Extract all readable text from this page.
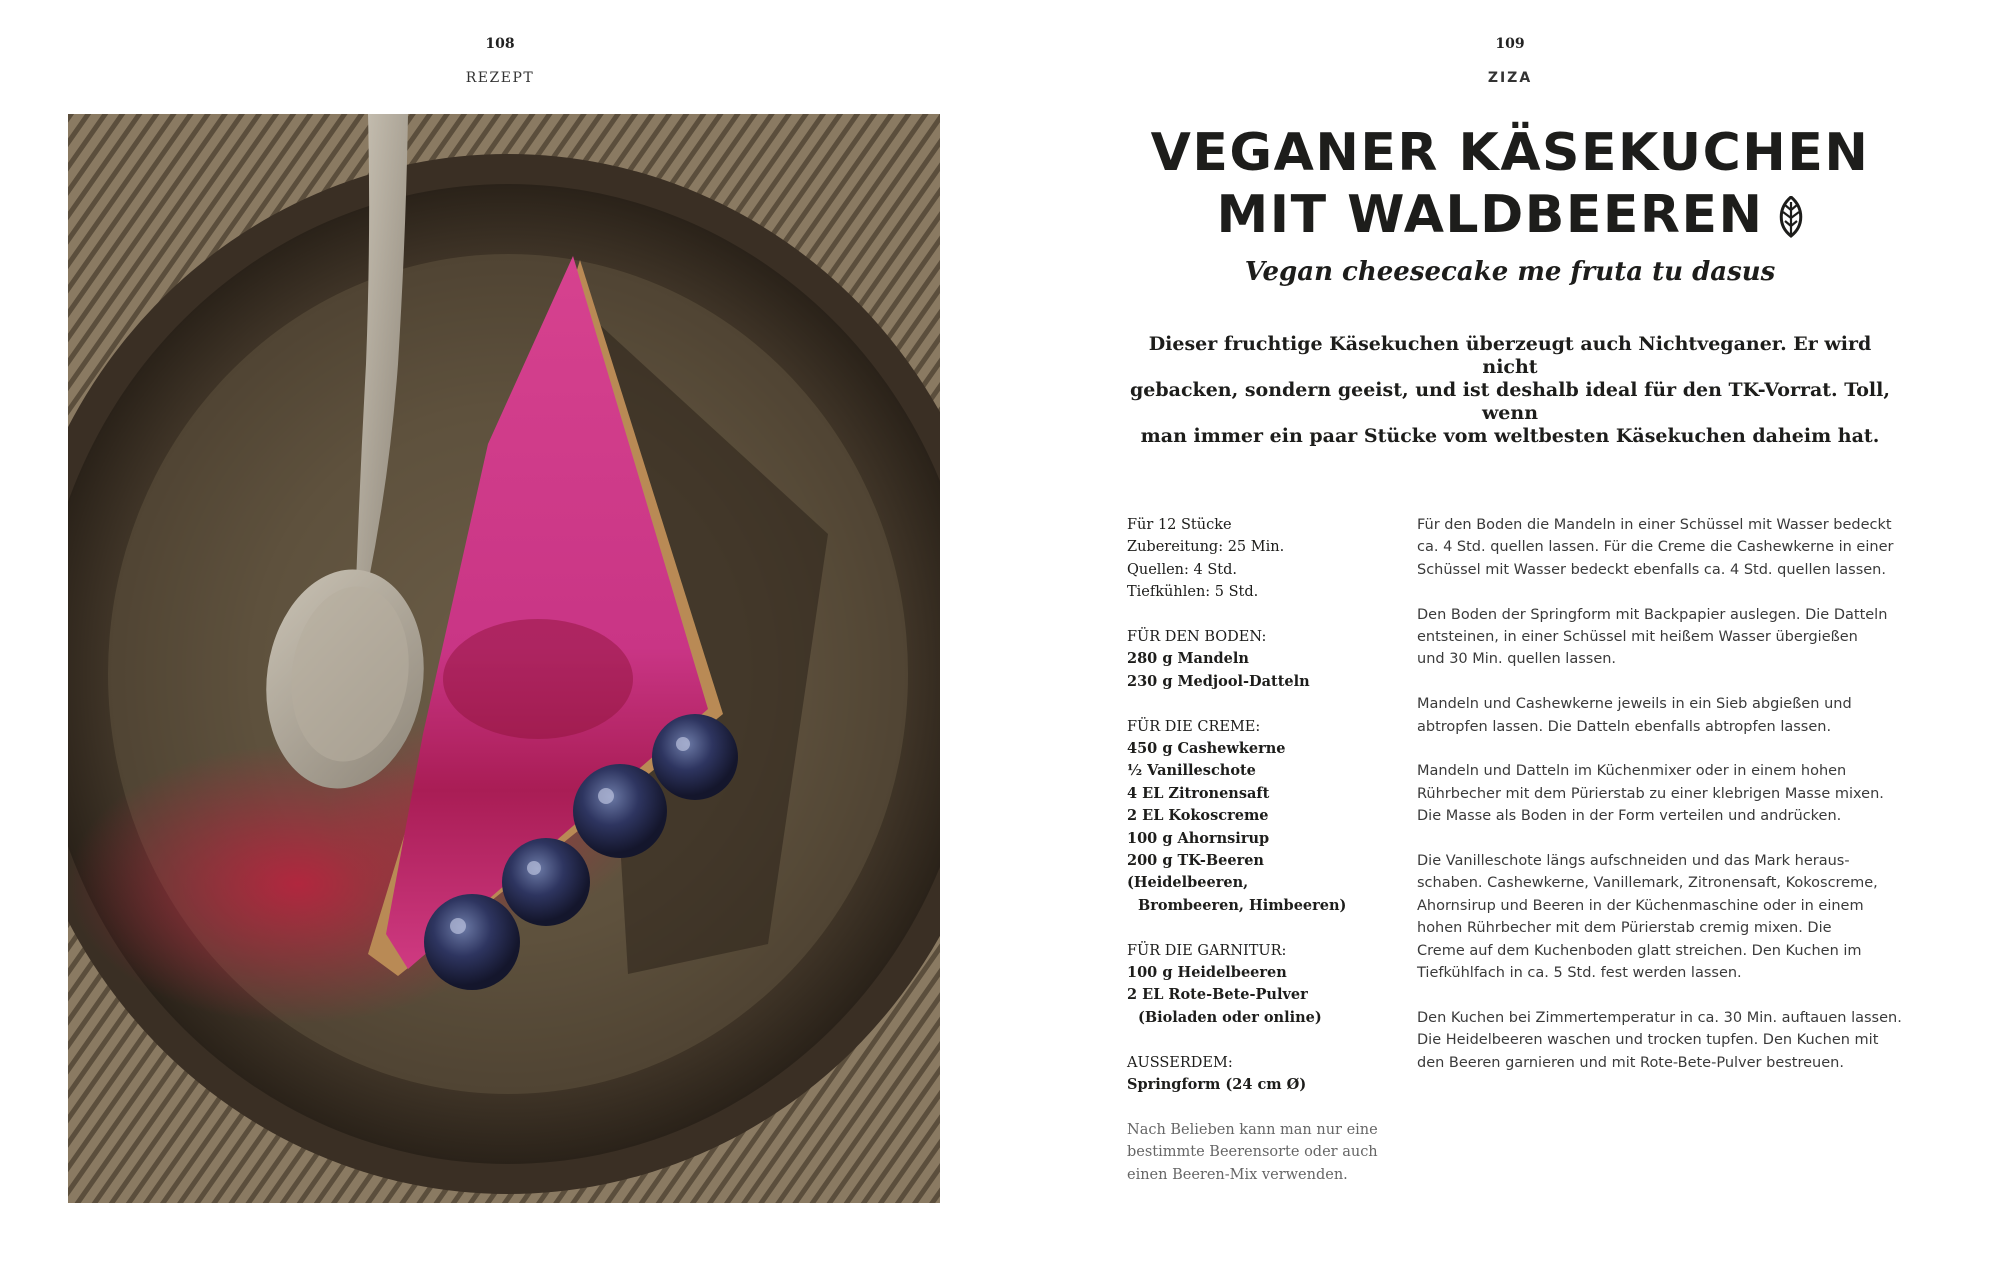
108
REZEPT
109
ZIZA
VEGANER KÄSEKUCHEN
MIT WALDBEEREN

Vegan cheesecake me fruta tu dasus

Dieser fruchtige Käsekuchen überzeugt auch Nichtveganer. Er wird nicht
gebacken, sondern geeist, und ist deshalb ideal für den TK-Vorrat. Toll, wenn
man immer ein paar Stücke vom weltbesten Käsekuchen daheim hat.

Für 12 Stücke

Zubereitung: 25 Min.

Quellen: 4 Std.

Tiefkühlen: 5 Std.

FÜR DEN BODEN:

280 g Mandeln

230 g Medjool-Datteln

FÜR DIE CREME:

450 g Cashewkerne

½ Vanilleschote

4 EL Zitronensaft

2 EL Kokoscreme

100 g Ahornsirup

200 g TK-Beeren (Heidelbeeren,

Brombeeren, Himbeeren)

FÜR DIE GARNITUR:

100 g Heidelbeeren

2 EL Rote-Bete-Pulver

(Bioladen oder online)

AUSSERDEM:

Springform (24 cm Ø)

Nach Belieben kann man nur eine

bestimmte Beerensorte oder auch

einen Beeren-Mix verwenden.

Für den Boden die Mandeln in einer Schüssel mit Wasser bedeckt
ca. 4 Std. quellen lassen. Für die Creme die Cashewkerne in einer
Schüssel mit Wasser bedeckt ebenfalls ca. 4 Std. quellen lassen.

Den Boden der Springform mit Backpapier auslegen. Die Datteln
entsteinen, in einer Schüssel mit heißem Wasser übergießen
und 30 Min. quellen lassen.

Mandeln und Cashewkerne jeweils in ein Sieb abgießen und
abtropfen lassen. Die Datteln ebenfalls abtropfen lassen.

Mandeln und Datteln im Küchenmixer oder in einem hohen
Rührbecher mit dem Pürierstab zu einer klebrigen Masse mixen.
Die Masse als Boden in der Form verteilen und andrücken.

Die Vanilleschote längs aufschneiden und das Mark heraus-
schaben. Cashewkerne, Vanillemark, Zitronensaft, Kokoscreme,
Ahornsirup und Beeren in der Küchenmaschine oder in einem
hohen Rührbecher mit dem Pürierstab cremig mixen. Die
Creme auf dem Kuchenboden glatt streichen. Den Kuchen im
Tiefkühlfach in ca. 5 Std. fest werden lassen.

Den Kuchen bei Zimmertemperatur in ca. 30 Min. auftauen lassen.
Die Heidelbeeren waschen und trocken tupfen. Den Kuchen mit
den Beeren garnieren und mit Rote-Bete-Pulver bestreuen.
